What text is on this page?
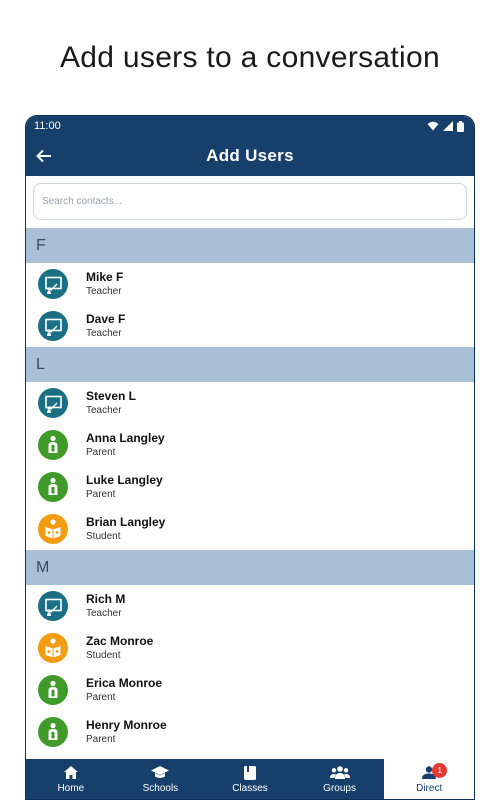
Add users to a conversation
11:00
Add Users
Search contacts...
F
Mike F
Teacher
Dave F
Teacher
L
Steven L
Teacher
Anna Langley
Parent
Luke Langley
Parent
Brian Langley
Student
M
Rich M
Teacher
Zac Monroe
Student
Erica Monroe
Parent
Henry Monroe
Parent
Home	Schools	Classes	Groups
1
Direct
